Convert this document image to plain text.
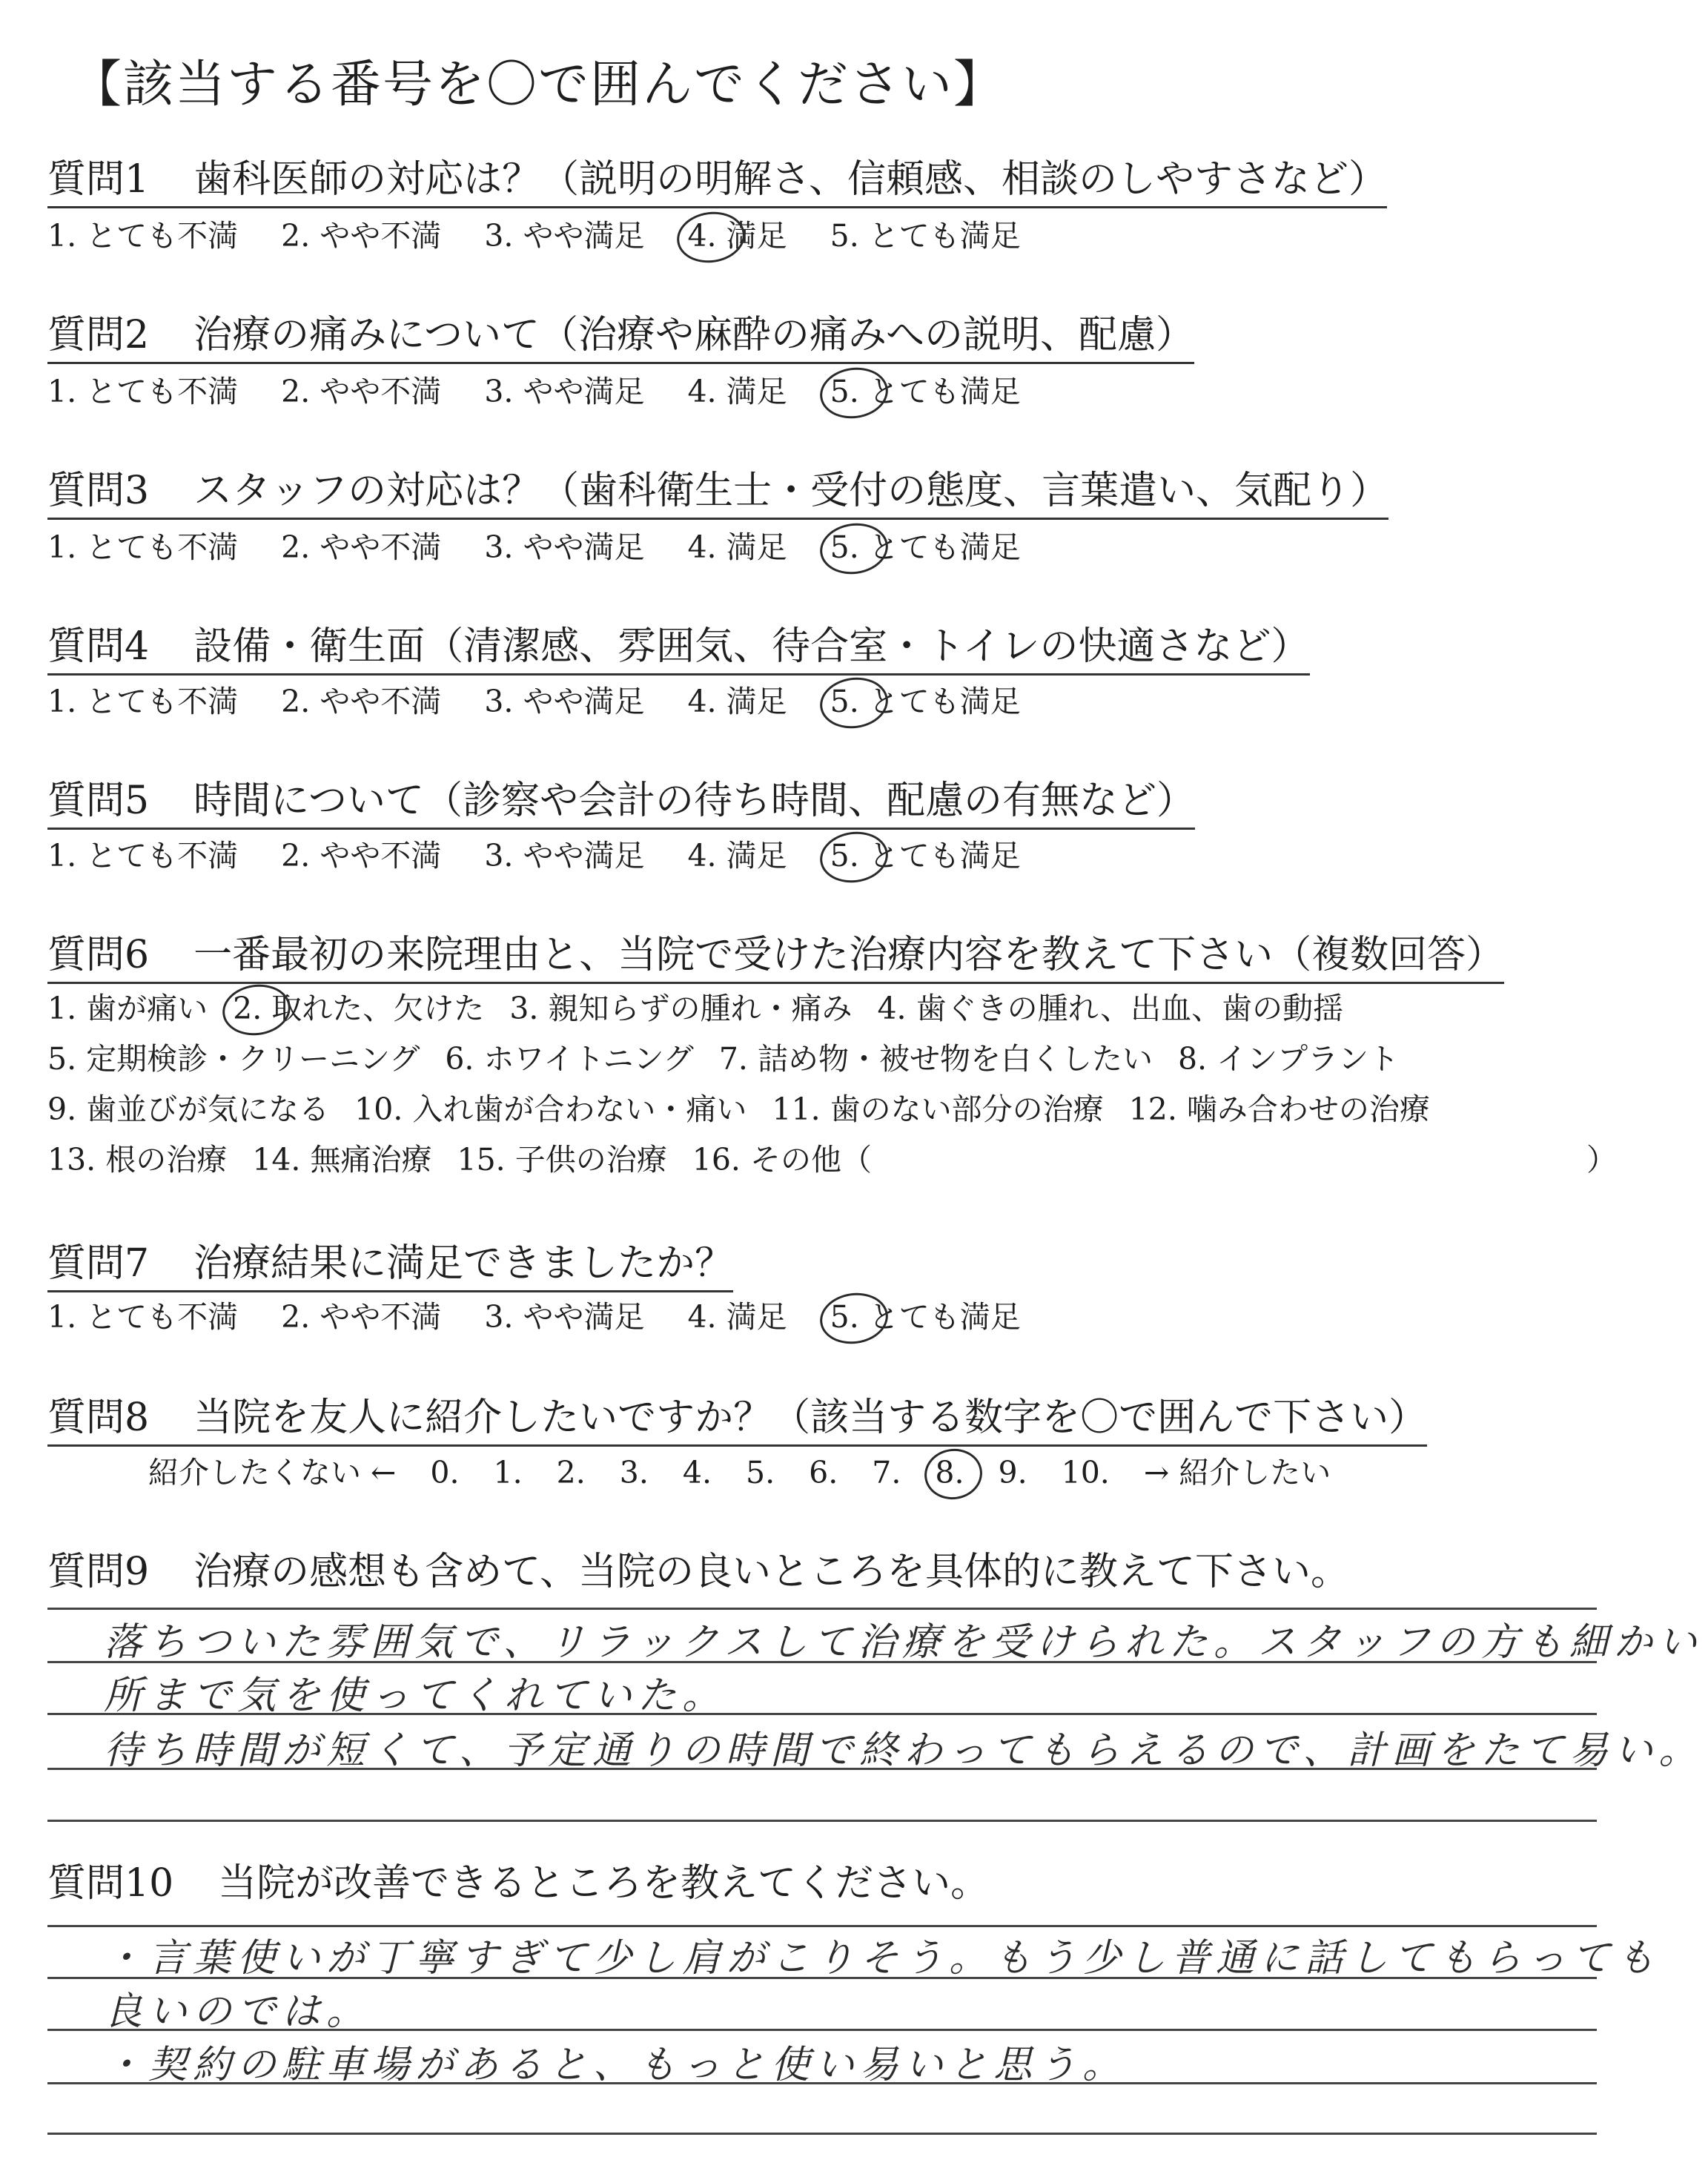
【該当する番号を〇で囲んでください】
質問1 歯科医師の対応は？（説明の明解さ、信頼感、相談のしやすさなど）
1. とても不満 2. やや不満 3. やや満足 4. 満足 5. とても満足
質問2 治療の痛みについて（治療や麻酔の痛みへの説明、配慮）
1. とても不満 2. やや不満 3. やや満足 4. 満足 5. とても満足
質問3 スタッフの対応は？（歯科衛生士・受付の態度、言葉遣い、気配り）
1. とても不満 2. やや不満 3. やや満足 4. 満足 5. とても満足
質問4 設備・衛生面（清潔感、雰囲気、待合室・トイレの快適さなど）
1. とても不満 2. やや不満 3. やや満足 4. 満足 5. とても満足
質問5 時間について（診察や会計の待ち時間、配慮の有無など）
1. とても不満 2. やや不満 3. やや満足 4. 満足 5. とても満足
質問6 一番最初の来院理由と、当院で受けた治療内容を教えて下さい（複数回答）
1. 歯が痛い 2. 取れた、欠けた 3. 親知らずの腫れ・痛み 4. 歯ぐきの腫れ、出血、歯の動揺
5. 定期検診・クリーニング 6. ホワイトニング 7. 詰め物・被せ物を白くしたい 8. インプラント
9. 歯並びが気になる 10. 入れ歯が合わない・痛い 11. 歯のない部分の治療 12. 噛み合わせの治療
13. 根の治療 14. 無痛治療 15. 子供の治療 16. その他（	）
質問7 治療結果に満足できましたか？
1. とても不満 2. やや不満 3. やや満足 4. 満足 5. とても満足
質問8 当院を友人に紹介したいですか？（該当する数字を〇で囲んで下さい）
紹介したくない ← 0. 1. 2. 3. 4. 5. 6. 7. 8. 9. 10. → 紹介したい
質問9 治療の感想も含めて、当院の良いところを具体的に教えて下さい。
落ちついた雰囲気で、リラックスして治療を受けられた。スタッフの方も細かい
所まで気を使ってくれていた。
待ち時間が短くて、予定通りの時間で終わってもらえるので、計画をたて易い。
質問10 当院が改善できるところを教えてください。
・言葉使いが丁寧すぎて少し肩がこりそう。もう少し普通に話してもらっても
良いのでは。
・契約の駐車場があると、もっと使い易いと思う。
